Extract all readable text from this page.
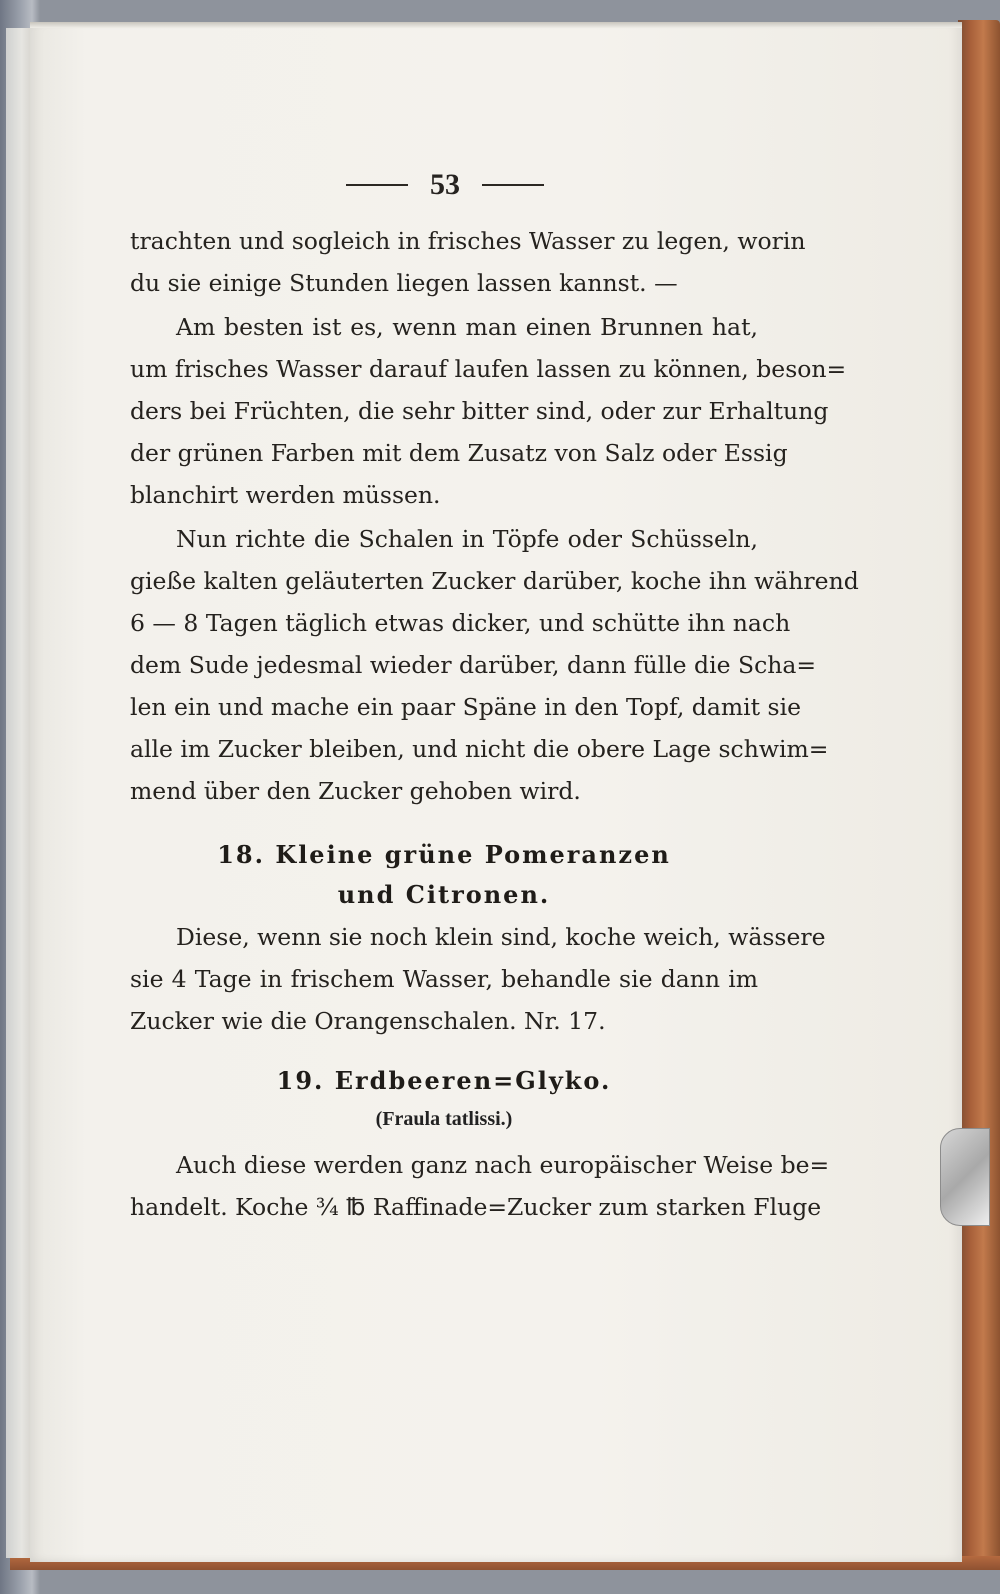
53
trachten und sogleich in frisches Wasser zu legen, worin
du sie einige Stunden liegen lassen kannst. —
Am besten ist es, wenn man einen Brunnen hat,
um frisches Wasser darauf laufen lassen zu können, beson=
ders bei Früchten, die sehr bitter sind, oder zur Erhaltung
der grünen Farben mit dem Zusatz von Salz oder Essig
blanchirt werden müssen.
Nun richte die Schalen in Töpfe oder Schüsseln,
gieße kalten geläuterten Zucker darüber, koche ihn während
6 — 8 Tagen täglich etwas dicker, und schütte ihn nach
dem Sude jedesmal wieder darüber, dann fülle die Scha=
len ein und mache ein paar Späne in den Topf, damit sie
alle im Zucker bleiben, und nicht die obere Lage schwim=
mend über den Zucker gehoben wird.
18. Kleine grüne Pomeranzen
und Citronen.
Diese, wenn sie noch klein sind, koche weich, wässere
sie 4 Tage in frischem Wasser, behandle sie dann im
Zucker wie die Orangenschalen. Nr. 17.
19. Erdbeeren=Glyko.
(Fraula tatlissi.)
Auch diese werden ganz nach europäischer Weise be=
handelt. Koche ¾ ℔ Raffinade=Zucker zum starken Fluge
